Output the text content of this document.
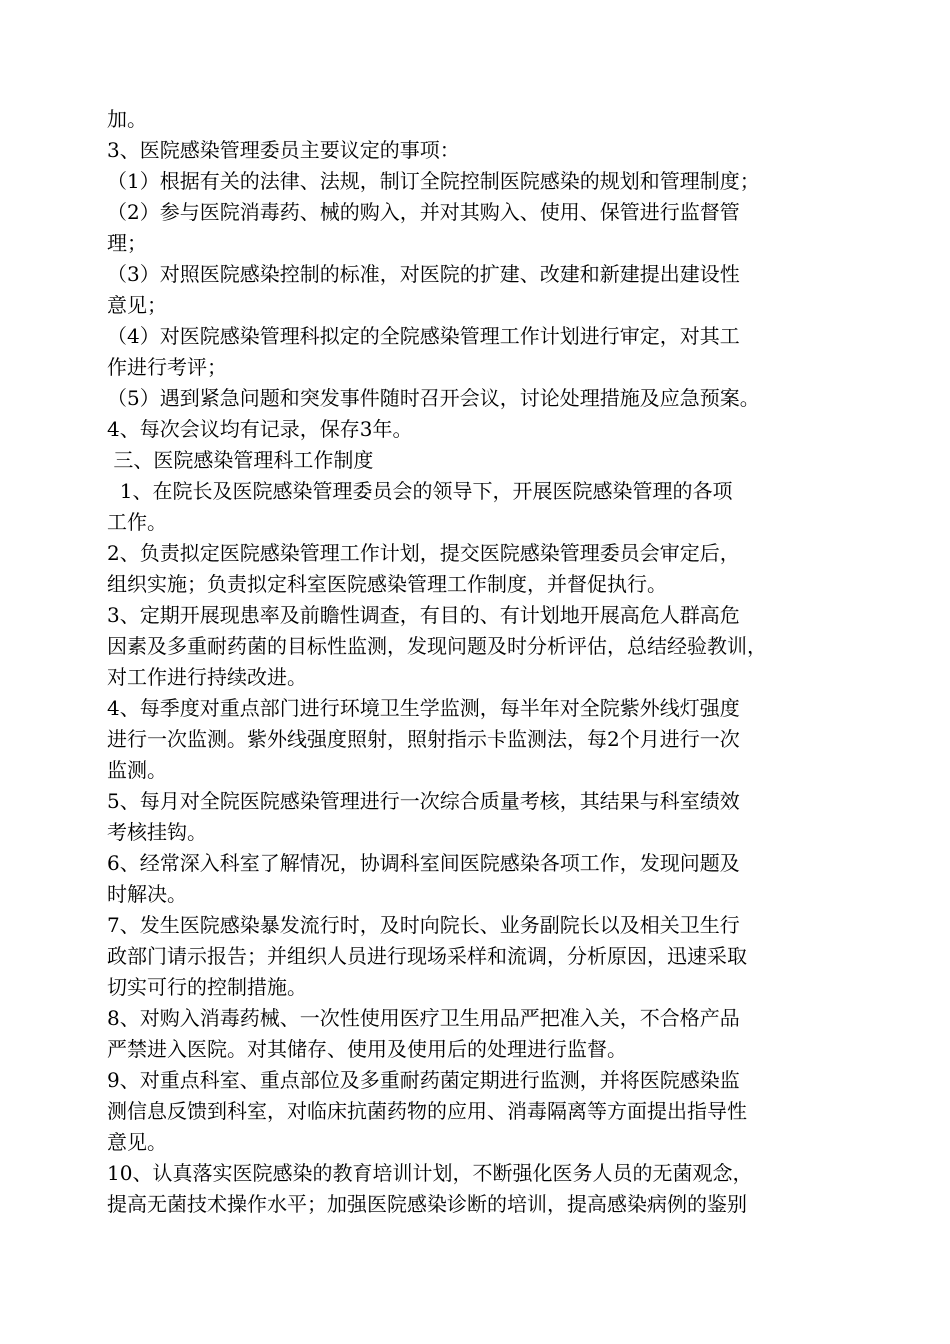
加。
3、医院感染管理委员主要议定的事项：
（1）根据有关的法律、法规，制订全院控制医院感染的规划和管理制度；
（2）参与医院消毒药、械的购入，并对其购入、使用、保管进行监督管
理；
（3）对照医院感染控制的标准，对医院的扩建、改建和新建提出建设性
意见；
（4）对医院感染管理科拟定的全院感染管理工作计划进行审定，对其工
作进行考评；
（5）遇到紧急问题和突发事件随时召开会议，讨论处理措施及应急预案。
4、每次会议均有记录，保存3年。
三、医院感染管理科工作制度
1、在院长及医院感染管理委员会的领导下，开展医院感染管理的各项
工作。
2、负责拟定医院感染管理工作计划，提交医院感染管理委员会审定后，
组织实施；负责拟定科室医院感染管理工作制度，并督促执行。
3、定期开展现患率及前瞻性调查，有目的、有计划地开展高危人群高危
因素及多重耐药菌的目标性监测，发现问题及时分析评估，总结经验教训，
对工作进行持续改进。
4、每季度对重点部门进行环境卫生学监测，每半年对全院紫外线灯强度
进行一次监测。紫外线强度照射，照射指示卡监测法，每2个月进行一次
监测。
5、每月对全院医院感染管理进行一次综合质量考核，其结果与科室绩效
考核挂钩。
6、经常深入科室了解情况，协调科室间医院感染各项工作，发现问题及
时解决。
7、发生医院感染暴发流行时，及时向院长、业务副院长以及相关卫生行
政部门请示报告；并组织人员进行现场采样和流调，分析原因，迅速采取
切实可行的控制措施。
8、对购入消毒药械、一次性使用医疗卫生用品严把准入关，不合格产品
严禁进入医院。对其储存、使用及使用后的处理进行监督。
9、对重点科室、重点部位及多重耐药菌定期进行监测，并将医院感染监
测信息反馈到科室，对临床抗菌药物的应用、消毒隔离等方面提出指导性
意见。
10、认真落实医院感染的教育培训计划，不断强化医务人员的无菌观念，
提高无菌技术操作水平；加强医院感染诊断的培训，提高感染病例的鉴别
